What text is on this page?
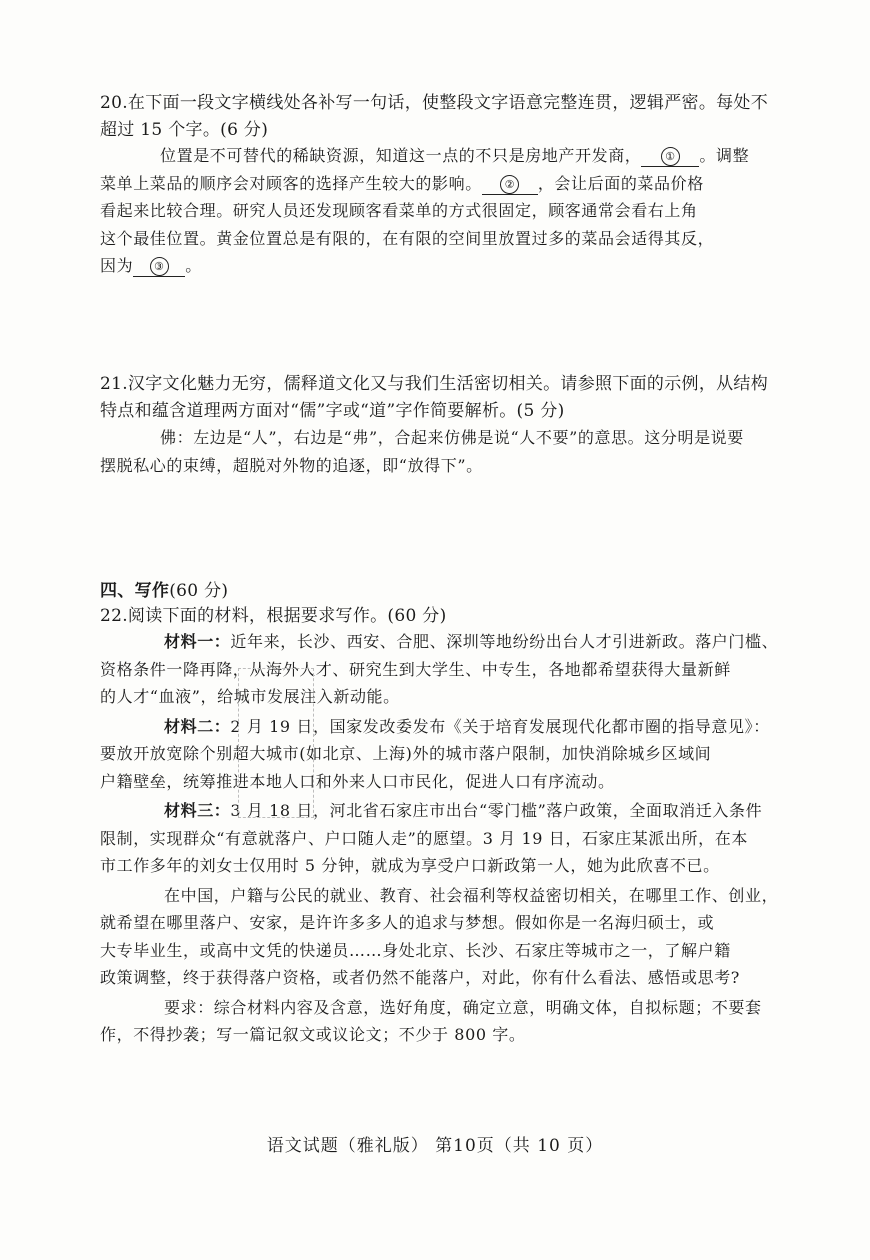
20.在下面一段文字横线处各补写一句话，使整段文字语意完整连贯，逻辑严密。每处不
超过 15 个字。(6 分)
位置是不可替代的稀缺资源，知道这一点的不只是房地产开发商， ① 。调整
菜单上菜品的顺序会对顾客的选择产生较大的影响。 ② ，会让后面的菜品价格
看起来比较合理。研究人员还发现顾客看菜单的方式很固定，顾客通常会看右上角
这个最佳位置。黄金位置总是有限的，在有限的空间里放置过多的菜品会适得其反，
因为 ③ 。
21.汉字文化魅力无穷，儒释道文化又与我们生活密切相关。请参照下面的示例，从结构
特点和蕴含道理两方面对“儒”字或“道”字作简要解析。(5 分)
佛：左边是“人”，右边是“弗”，合起来仿佛是说“人不要”的意思。这分明是说要
摆脱私心的束缚，超脱对外物的追逐，即“放得下”。
四、写作(60 分)
22.阅读下面的材料，根据要求写作。(60 分)
材料一：近年来，长沙、西安、合肥、深圳等地纷纷出台人才引进新政。落户门槛、
资格条件一降再降，从海外人才、研究生到大学生、中专生，各地都希望获得大量新鲜
的人才“血液”，给城市发展注入新动能。
材料二：2 月 19 日，国家发改委发布《关于培育发展现代化都市圈的指导意见》：
要放开放宽除个别超大城市(如北京、上海)外的城市落户限制，加快消除城乡区域间
户籍壁垒，统筹推进本地人口和外来人口市民化，促进人口有序流动。
材料三：3 月 18 日，河北省石家庄市出台“零门槛”落户政策，全面取消迁入条件
限制，实现群众“有意就落户、户口随人走”的愿望。3 月 19 日，石家庄某派出所，在本
市工作多年的刘女士仅用时 5 分钟，就成为享受户口新政第一人，她为此欣喜不已。
在中国，户籍与公民的就业、教育、社会福利等权益密切相关，在哪里工作、创业，
就希望在哪里落户、安家，是许许多多人的追求与梦想。假如你是一名海归硕士，或
大专毕业生，或高中文凭的快递员……身处北京、长沙、石家庄等城市之一，了解户籍
政策调整，终于获得落户资格，或者仍然不能落户，对此，你有什么看法、感悟或思考?
要求：综合材料内容及含意，选好角度，确定立意，明确文体，自拟标题；不要套
作，不得抄袭；写一篇记叙文或议论文；不少于 800 字。
语文试题（雅礼版） 第10页（共 10 页）
